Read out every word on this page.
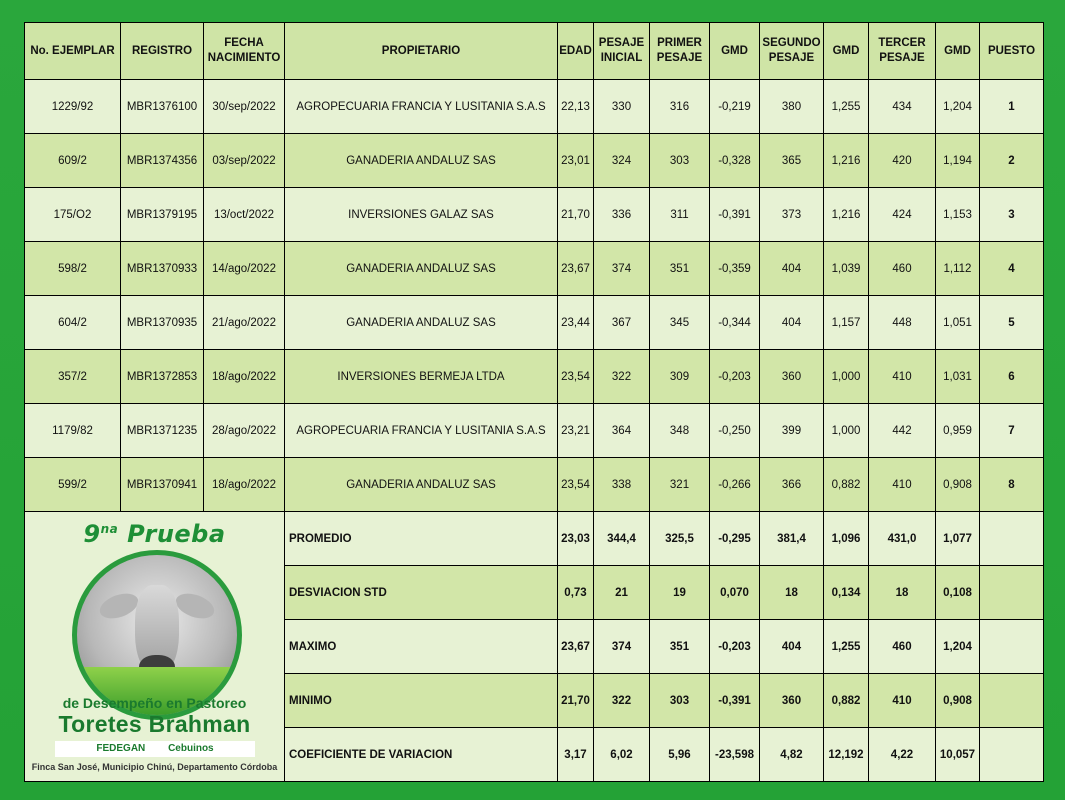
No. EJEMPLAR	REGISTRO	FECHA NACIMIENTO	PROPIETARIO	EDAD	PESAJE INICIAL	PRIMER PESAJE	GMD	SEGUNDO PESAJE	GMD	TERCER PESAJE	GMD	PUESTO
1229/92	MBR1376100	30/sep/2022	AGROPECUARIA FRANCIA Y LUSITANIA S.A.S	22,13	330	316	-0,219	380	1,255	434	1,204	1
609/2	MBR1374356	03/sep/2022	GANADERIA ANDALUZ SAS	23,01	324	303	-0,328	365	1,216	420	1,194	2
175/O2	MBR1379195	13/oct/2022	INVERSIONES GALAZ SAS	21,70	336	311	-0,391	373	1,216	424	1,153	3
598/2	MBR1370933	14/ago/2022	GANADERIA ANDALUZ SAS	23,67	374	351	-0,359	404	1,039	460	1,112	4
604/2	MBR1370935	21/ago/2022	GANADERIA ANDALUZ SAS	23,44	367	345	-0,344	404	1,157	448	1,051	5
357/2	MBR1372853	18/ago/2022	INVERSIONES BERMEJA LTDA	23,54	322	309	-0,203	360	1,000	410	1,031	6
1179/82	MBR1371235	28/ago/2022	AGROPECUARIA FRANCIA Y LUSITANIA S.A.S	23,21	364	348	-0,250	399	1,000	442	0,959	7
599/2	MBR1370941	18/ago/2022	GANADERIA ANDALUZ SAS	23,54	338	321	-0,266	366	0,882	410	0,908	8

$9^{na}$ Prueba
de Desempeño en Pastoreo
Toretes Brahman
FEDEGAN Cebuinos
Finca San José, Municipio Chinú, Departamento Córdoba			PROMEDIO	23,03	344,4	325,5	-0,295	381,4	1,096	431,0	1,077	
			DESVIACION STD	0,73	21	19	0,070	18	0,134	18	0,108	
			MAXIMO	23,67	374	351	-0,203	404	1,255	460	1,204	
			MINIMO	21,70	322	303	-0,391	360	0,882	410	0,908	
			COEFICIENTE DE VARIACION	3,17	6,02	5,96	-23,598	4,82	12,192	4,22	10,057	
